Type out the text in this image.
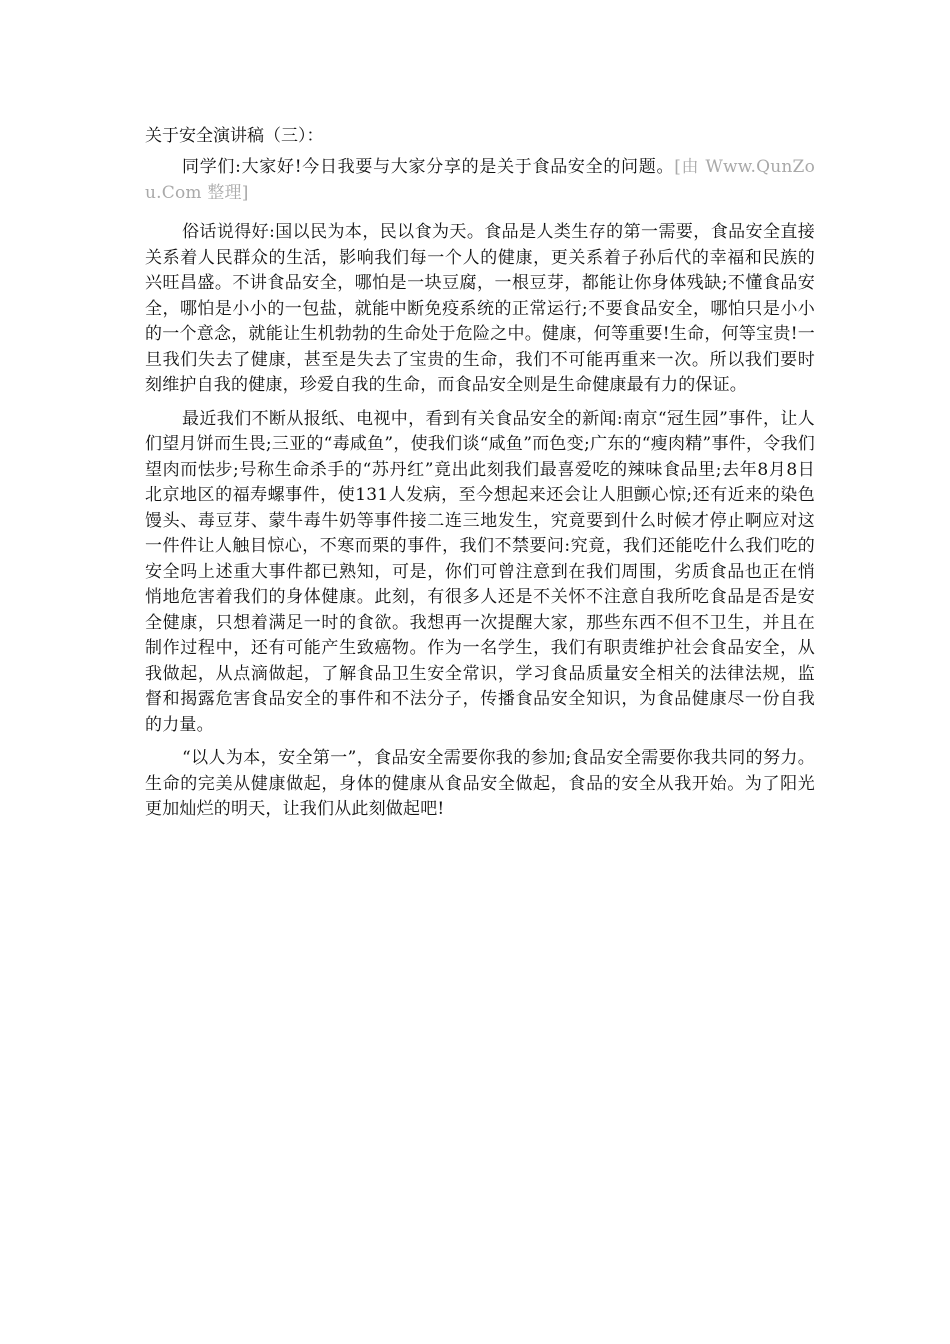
关于安全演讲稿（三）：

同学们:大家好!今日我要与大家分享的是关于食品安全的问题。[由 Www.QunZou.Com 整理]

俗话说得好:国以民为本，民以食为天。食品是人类生存的第一需要，食品安全直接关系着人民群众的生活，影响我们每一个人的健康，更关系着子孙后代的幸福和民族的兴旺昌盛。不讲食品安全，哪怕是一块豆腐，一根豆芽，都能让你身体残缺;不懂食品安全，哪怕是小小的一包盐，就能中断免疫系统的正常运行;不要食品安全，哪怕只是小小的一个意念，就能让生机勃勃的生命处于危险之中。健康，何等重要!生命，何等宝贵!一旦我们失去了健康，甚至是失去了宝贵的生命，我们不可能再重来一次。所以我们要时刻维护自我的健康，珍爱自我的生命，而食品安全则是生命健康最有力的保证。

最近我们不断从报纸、电视中，看到有关食品安全的新闻:南京“冠生园”事件，让人们望月饼而生畏;三亚的“毒咸鱼”，使我们谈“咸鱼”而色变;广东的“瘦肉精”事件，令我们望肉而怯步;号称生命杀手的“苏丹红”竟出此刻我们最喜爱吃的辣味食品里;去年8月8日北京地区的福寿螺事件，使131人发病，至今想起来还会让人胆颤心惊;还有近来的染色馒头、毒豆芽、蒙牛毒牛奶等事件接二连三地发生，究竟要到什么时候才停止啊应对这一件件让人触目惊心，不寒而栗的事件，我们不禁要问:究竟，我们还能吃什么我们吃的安全吗上述重大事件都已熟知，可是，你们可曾注意到在我们周围，劣质食品也正在悄悄地危害着我们的身体健康。此刻，有很多人还是不关怀不注意自我所吃食品是否是安全健康，只想着满足一时的食欲。我想再一次提醒大家，那些东西不但不卫生，并且在制作过程中，还有可能产生致癌物。作为一名学生，我们有职责维护社会食品安全，从我做起，从点滴做起，了解食品卫生安全常识，学习食品质量安全相关的法律法规，监督和揭露危害食品安全的事件和不法分子，传播食品安全知识，为食品健康尽一份自我的力量。

“以人为本，安全第一”，食品安全需要你我的参加;食品安全需要你我共同的努力。生命的完美从健康做起，身体的健康从食品安全做起，食品的安全从我开始。为了阳光更加灿烂的明天，让我们从此刻做起吧!
